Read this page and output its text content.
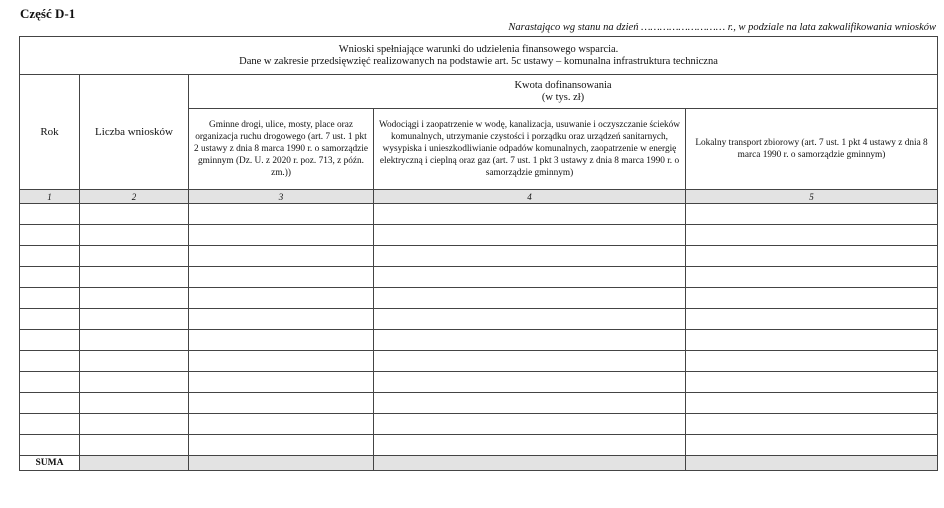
Część D-1
Narastająco wg stanu na dzień ……………………… r., w podziale na lata zakwalifikowania wniosków
Wnioski spełniające warunki do udzielenia finansowego wsparcia.
Dane w zakresie przedsięwzięć realizowanych na podstawie art. 5c ustawy – komunalna infrastruktura techniczna				

Rok	Liczba wniosków	Kwota dofinansowania
(w tys. zł)		

		Gminne drogi, ulice, mosty, place oraz organizacja ruchu drogowego (art. 7 ust. 1 pkt 2 ustawy z dnia 8 marca 1990 r. o samorządzie gminnym (Dz. U. z 2020 r. poz. 713, z późn. zm.))	Wodociągi i zaopatrzenie w wodę, kanalizacja, usuwanie i oczyszczanie ścieków komunalnych, utrzymanie czystości i porządku oraz urządzeń sanitarnych, wysypiska i unieszkodliwianie odpadów komunalnych, zaopatrzenie w energię elektryczną i cieplną oraz gaz (art. 7 ust. 1 pkt 3 ustawy z dnia 8 marca 1990 r. o samorządzie gminnym)	Lokalny transport zbiorowy (art. 7 ust. 1 pkt 4 ustawy z dnia 8 marca 1990 r. o samorządzie gminnym)
1	2	3	4	5

SUMA				
